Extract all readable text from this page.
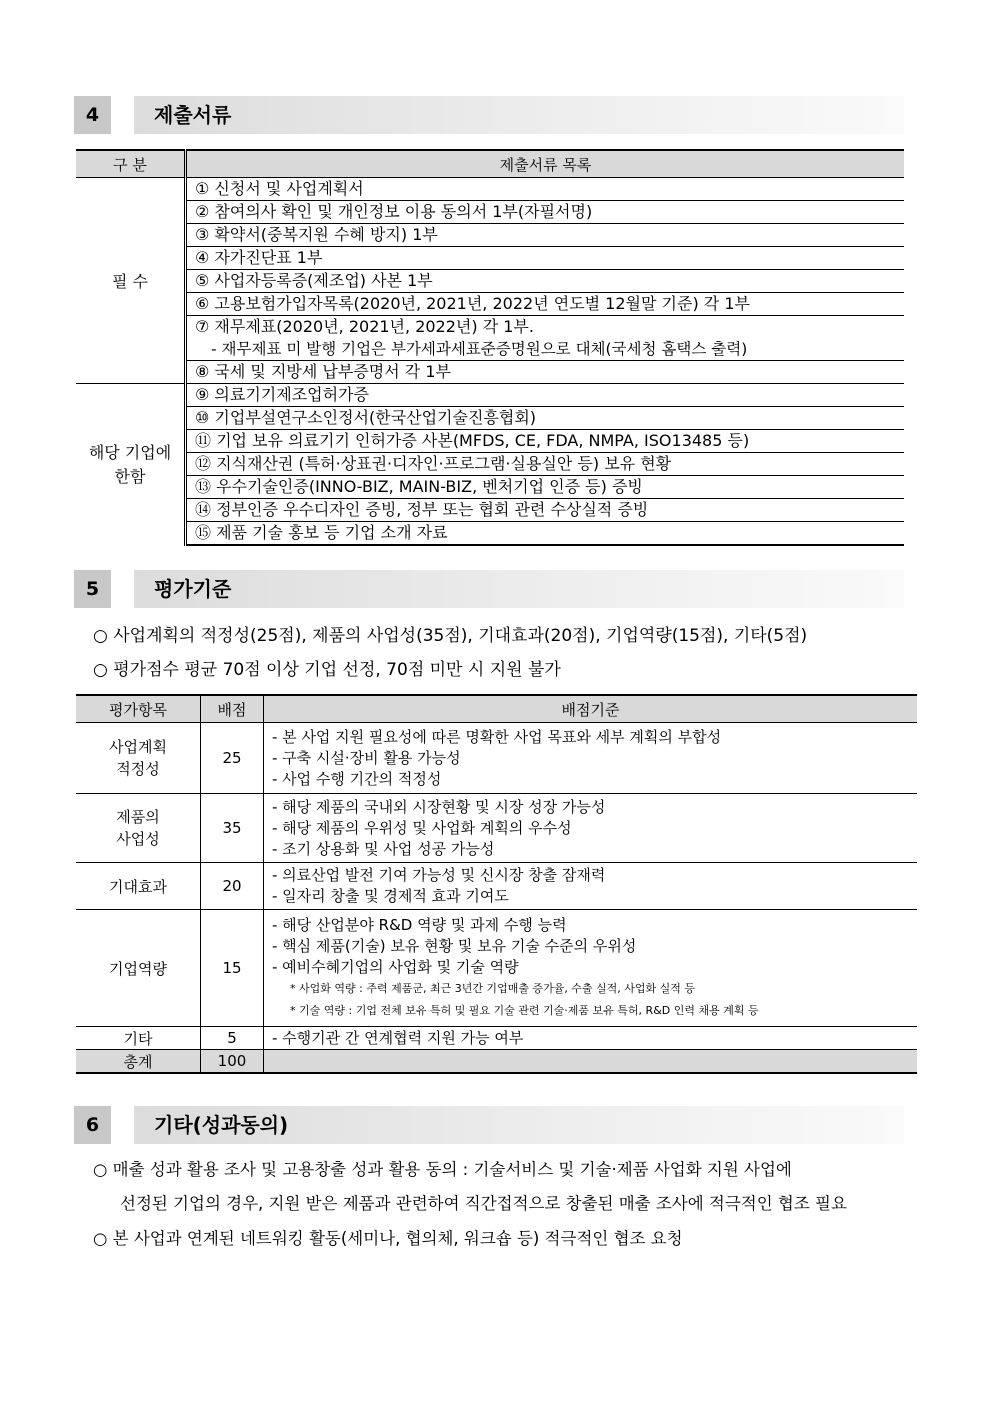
4	제출서류
구 분	제출서류 목록
필 수	① 신청서 및 사업계획서
	② 참여의사 확인 및 개인정보 이용 동의서 1부(자필서명)
	③ 확약서(중복지원 수혜 방지) 1부
	④ 자가진단표 1부
	⑤ 사업자등록증(제조업) 사본 1부
	⑥ 고용보험가입자목록(2020년, 2021년, 2022년 연도별 12월말 기준) 각 1부
	⑦ 재무제표(2020년, 2021년, 2022년) 각 1부.
	- 재무제표 미 발행 기업은 부가세과세표준증명원으로 대체(국세청 홈택스 출력)
	⑧ 국세 및 지방세 납부증명서 각 1부
해당 기업에 한함	⑨ 의료기기제조업허가증
	⑩ 기업부설연구소인정서(한국산업기술진흥협회)
	⑪ 기업 보유 의료기기 인허가증 사본(MFDS, CE, FDA, NMPA, ISO13485 등)
	⑫ 지식재산권 (특허·상표권·디자인·프로그램·실용실안 등) 보유 현황
	⑬ 우수기술인증(INNO-BIZ, MAIN-BIZ, 벤처기업 인증 등) 증빙
	⑭ 정부인증 우수디자인 증빙, 정부 또는 협회 관련 수상실적 증빙
	⑮ 제품 기술 홍보 등 기업 소개 자료
5	평가기준
○ 사업계획의 적정성(25점), 제품의 사업성(35점), 기대효과(20점), 기업역량(15점), 기타(5점)
○ 평가점수 평균 70점 이상 기업 선정, 70점 미만 시 지원 불가
평가항목	배점	배점기준
사업계획 적정성	25	- 본 사업 지원 필요성에 따른 명확한 사업 목표와 세부 계획의 부합성
- 구축 시설·장비 활용 가능성
- 사업 수행 기간의 적정성

제품의 사업성	35	- 해당 제품의 국내외 시장현황 및 시장 성장 가능성
- 해당 제품의 우위성 및 사업화 계획의 우수성
- 조기 상용화 및 사업 성공 가능성

기대효과	20	- 의료산업 발전 기여 가능성 및 신시장 창출 잠재력
- 일자리 창출 및 경제적 효과 기여도

기업역량	15	- 해당 산업분야 R&D 역량 및 과제 수행 능력
- 핵심 제품(기술) 보유 현황 및 보유 기술 수준의 우위성
- 예비수혜기업의 사업화 및 기술 역량
* 사업화 역량 : 주력 제품군, 최근 3년간 기업매출 증가율, 수출 실적, 사업화 실적 등
* 기술 역량 : 기업 전체 보유 특허 및 필요 기술 관련 기술·제품 보유 특허, R&D 인력 채용 계획 등

기타	5	- 수행기관 간 연계협력 지원 가능 여부

총계	100	
6	기타(성과동의)
○ 매출 성과 활용 조사 및 고용창출 성과 활용 동의 : 기술서비스 및 기술·제품 사업화 지원 사업에
선정된 기업의 경우, 지원 받은 제품과 관련하여 직간접적으로 창출된 매출 조사에 적극적인 협조 필요
○ 본 사업과 연계된 네트워킹 활동(세미나, 협의체, 워크숍 등) 적극적인 협조 요청
